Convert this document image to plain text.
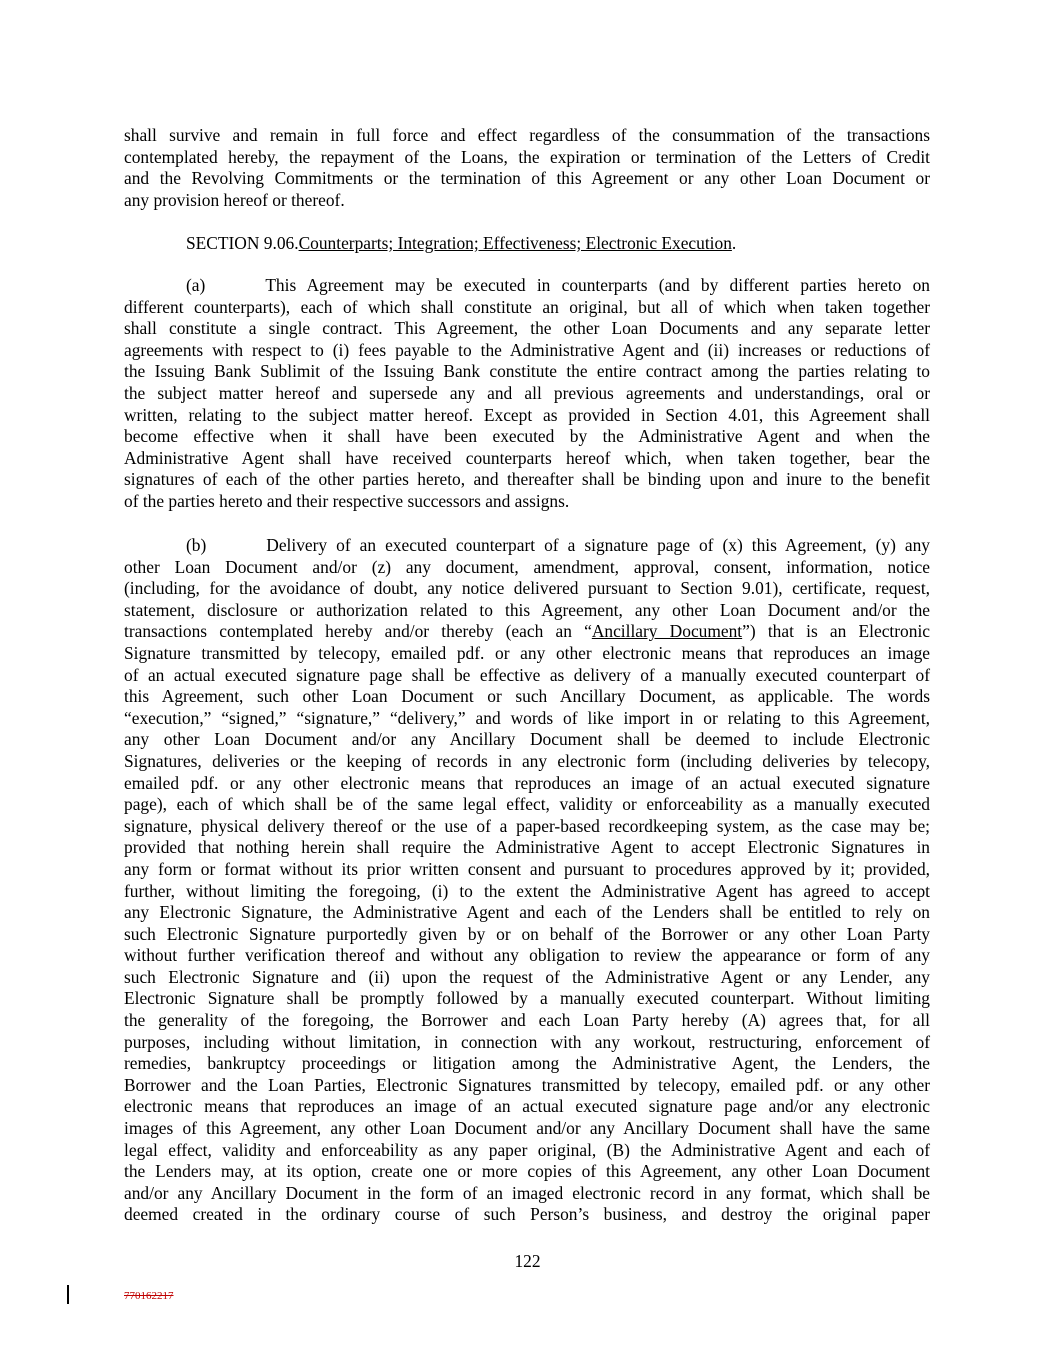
shall survive and remain in full force and effect regardless of the consummation of the transactions
contemplated hereby, the repayment of the Loans, the expiration or termination of the Letters of Credit
and the Revolving Commitments or the termination of this Agreement or any other Loan Document or
any provision hereof or thereof.
SECTION 9.06.Counterparts; Integration; Effectiveness; Electronic Execution.
(a)	This Agreement may be executed in counterparts (and by different parties hereto on
different counterparts), each of which shall constitute an original, but all of which when taken together
shall constitute a single contract. This Agreement, the other Loan Documents and any separate letter
agreements with respect to (i) fees payable to the Administrative Agent and (ii) increases or reductions of
the Issuing Bank Sublimit of the Issuing Bank constitute the entire contract among the parties relating to
the subject matter hereof and supersede any and all previous agreements and understandings, oral or
written, relating to the subject matter hereof. Except as provided in Section 4.01, this Agreement shall
become effective when it shall have been executed by the Administrative Agent and when the
Administrative Agent shall have received counterparts hereof which, when taken together, bear the
signatures of each of the other parties hereto, and thereafter shall be binding upon and inure to the benefit
of the parties hereto and their respective successors and assigns.
(b)	Delivery of an executed counterpart of a signature page of (x) this Agreement, (y) any
other Loan Document and/or (z) any document, amendment, approval, consent, information, notice
(including, for the avoidance of doubt, any notice delivered pursuant to Section 9.01), certificate, request,
statement, disclosure or authorization related to this Agreement, any other Loan Document and/or the
transactions contemplated hereby and/or thereby (each an “Ancillary Document”) that is an Electronic
Signature transmitted by telecopy, emailed pdf. or any other electronic means that reproduces an image
of an actual executed signature page shall be effective as delivery of a manually executed counterpart of
this Agreement, such other Loan Document or such Ancillary Document, as applicable. The words
“execution,” “signed,” “signature,” “delivery,” and words of like import in or relating to this Agreement,
any other Loan Document and/or any Ancillary Document shall be deemed to include Electronic
Signatures, deliveries or the keeping of records in any electronic form (including deliveries by telecopy,
emailed pdf. or any other electronic means that reproduces an image of an actual executed signature
page), each of which shall be of the same legal effect, validity or enforceability as a manually executed
signature, physical delivery thereof or the use of a paper-based recordkeeping system, as the case may be;
provided that nothing herein shall require the Administrative Agent to accept Electronic Signatures in
any form or format without its prior written consent and pursuant to procedures approved by it; provided,
further, without limiting the foregoing, (i) to the extent the Administrative Agent has agreed to accept
any Electronic Signature, the Administrative Agent and each of the Lenders shall be entitled to rely on
such Electronic Signature purportedly given by or on behalf of the Borrower or any other Loan Party
without further verification thereof and without any obligation to review the appearance or form of any
such Electronic Signature and (ii) upon the request of the Administrative Agent or any Lender, any
Electronic Signature shall be promptly followed by a manually executed counterpart. Without limiting
the generality of the foregoing, the Borrower and each Loan Party hereby (A) agrees that, for all
purposes, including without limitation, in connection with any workout, restructuring, enforcement of
remedies, bankruptcy proceedings or litigation among the Administrative Agent, the Lenders, the
Borrower and the Loan Parties, Electronic Signatures transmitted by telecopy, emailed pdf. or any other
electronic means that reproduces an image of an actual executed signature page and/or any electronic
images of this Agreement, any other Loan Document and/or any Ancillary Document shall have the same
legal effect, validity and enforceability as any paper original, (B) the Administrative Agent and each of
the Lenders may, at its option, create one or more copies of this Agreement, any other Loan Document
and/or any Ancillary Document in the form of an imaged electronic record in any format, which shall be
deemed created in the ordinary course of such Person’s business, and destroy the original paper
122
770162217
